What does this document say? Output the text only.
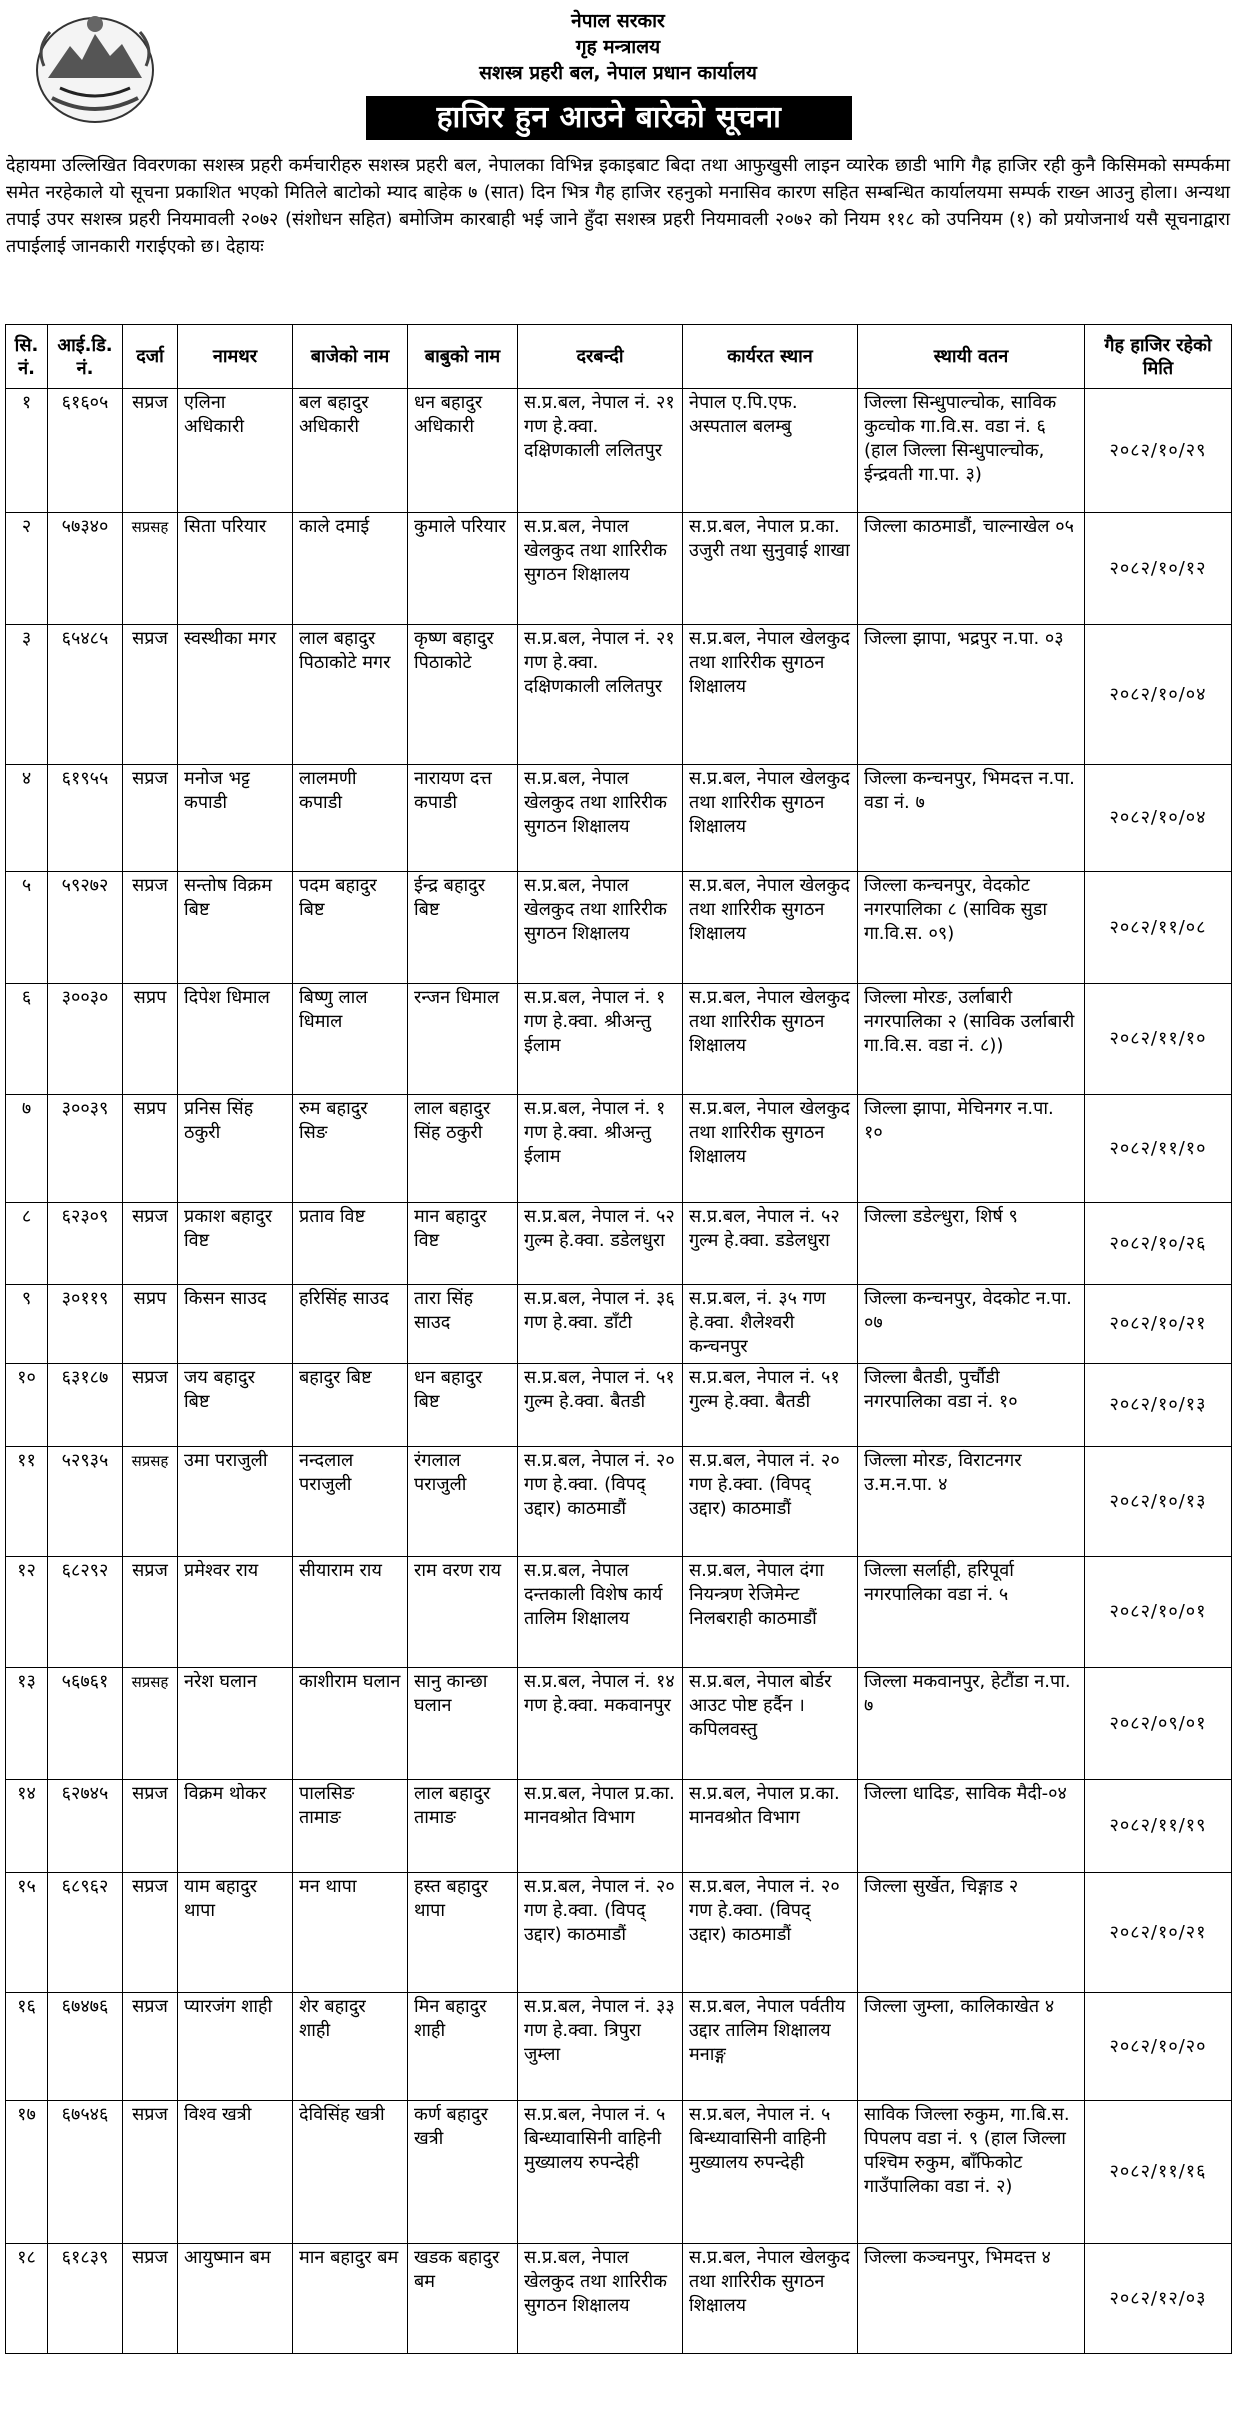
नेपाल सरकार
गृह मन्त्रालय
सशस्त्र प्रहरी बल, नेपाल प्रधान कार्यालय
हाजिर हुन आउने बारेको सूचना
देहायमा उल्लिखित विवरणका सशस्त्र प्रहरी कर्मचारीहरु सशस्त्र प्रहरी बल, नेपालका विभिन्न इकाइबाट बिदा तथा आफुखुसी लाइन व्यारेक छाडी भागि गैह्र हाजिर रही कुनै किसिमको सम्पर्कमा समेत नरहेकाले यो सूचना प्रकाशित भएको मितिले बाटोको म्याद बाहेक ७ (सात) दिन भित्र गैह हाजिर रहनुको मनासिव कारण सहित सम्बन्धित कार्यालयमा सम्पर्क राख्न आउनु होला। अन्यथा तपाई उपर सशस्त्र प्रहरी नियमावली २०७२ (संशोधन सहित) बमोजिम कारबाही भई जाने हुँदा सशस्त्र प्रहरी नियमावली २०७२ को नियम ११८ को उपनियम (१) को प्रयोजनार्थ यसै सूचनाद्वारा तपाईलाई जानकारी गराईएको छ। देहायः
सि. नं.	आई.डि. नं.	दर्जा	नामथर	बाजेको नाम	बाबुको नाम	दरबन्दी	कार्यरत स्थान	स्थायी वतन	गैह हाजिर रहेको मिति
१	६१६०५	सप्रज	एलिना अधिकारी	बल बहादुर अधिकारी	धन बहादुर अधिकारी	स.प्र.बल, नेपाल नं. २१ गण हे.क्वा. दक्षिणकाली ललितपुर	नेपाल ए.पि.एफ. अस्पताल बलम्बु	जिल्ला सिन्धुपाल्चोक, साविक कुव्चोक गा.वि.स. वडा नं. ६ (हाल जिल्ला सिन्धुपाल्चोक, ईन्द्रवती गा.पा. ३)	२०८२/१०/२९
२	५७३४०	सप्रसह	सिता परियार	काले दमाई	कुमाले परियार	स.प्र.बल, नेपाल खेलकुद तथा शारिरीक सुगठन शिक्षालय	स.प्र.बल, नेपाल प्र.का. उजुरी तथा सुनुवाई शाखा	जिल्ला काठमाडौं, चाल्नाखेल ०५	२०८२/१०/१२
३	६५४८५	सप्रज	स्वस्थीका मगर	लाल बहादुर पिठाकोटे मगर	कृष्ण बहादुर पिठाकोटे	स.प्र.बल, नेपाल नं. २१ गण हे.क्वा. दक्षिणकाली ललितपुर	स.प्र.बल, नेपाल खेलकुद तथा शारिरीक सुगठन शिक्षालय	जिल्ला झापा, भद्रपुर न.पा. ०३	२०८२/१०/०४
४	६१९५५	सप्रज	मनोज भट्ट कपाडी	लालमणी कपाडी	नारायण दत्त कपाडी	स.प्र.बल, नेपाल खेलकुद तथा शारिरीक सुगठन शिक्षालय	स.प्र.बल, नेपाल खेलकुद तथा शारिरीक सुगठन शिक्षालय	जिल्ला कन्चनपुर, भिमदत्त न.पा. वडा नं. ७	२०८२/१०/०४
५	५९२७२	सप्रज	सन्तोष विक्रम बिष्ट	पदम बहादुर बिष्ट	ईन्द्र बहादुर बिष्ट	स.प्र.बल, नेपाल खेलकुद तथा शारिरीक सुगठन शिक्षालय	स.प्र.बल, नेपाल खेलकुद तथा शारिरीक सुगठन शिक्षालय	जिल्ला कन्चनपुर, वेदकोट नगरपालिका ८ (साविक सुडा गा.वि.स. ०९)	२०८२/११/०८
६	३००३०	सप्रप	दिपेश धिमाल	बिष्णु लाल धिमाल	रन्जन धिमाल	स.प्र.बल, नेपाल नं. १ गण हे.क्वा. श्रीअन्तु ईलाम	स.प्र.बल, नेपाल खेलकुद तथा शारिरीक सुगठन शिक्षालय	जिल्ला मोरङ, उर्लाबारी नगरपालिका २ (साविक उर्लाबारी गा.वि.स. वडा नं. ८))	२०८२/११/१०
७	३००३९	सप्रप	प्रनिस सिंह ठकुरी	रुम बहादुर सिङ	लाल बहादुर सिंह ठकुरी	स.प्र.बल, नेपाल नं. १ गण हे.क्वा. श्रीअन्तु ईलाम	स.प्र.बल, नेपाल खेलकुद तथा शारिरीक सुगठन शिक्षालय	जिल्ला झापा, मेचिनगर न.पा. १०	२०८२/११/१०
८	६२३०९	सप्रज	प्रकाश बहादुर विष्ट	प्रताव विष्ट	मान बहादुर विष्ट	स.प्र.बल, नेपाल नं. ५२ गुल्म हे.क्वा. डडेलधुरा	स.प्र.बल, नेपाल नं. ५२ गुल्म हे.क्वा. डडेलधुरा	जिल्ला डडेल्धुरा, शिर्ष ९	२०८२/१०/२६
९	३०११९	सप्रप	किसन साउद	हरिसिंह साउद	तारा सिंह साउद	स.प्र.बल, नेपाल नं. ३६ गण हे.क्वा. डाँटी	स.प्र.बल, नं. ३५ गण हे.क्वा. शैलेश्वरी कन्चनपुर	जिल्ला कन्चनपुर, वेदकोट न.पा. ०७	२०८२/१०/२१
१०	६३१८७	सप्रज	जय बहादुर बिष्ट	बहादुर बिष्ट	धन बहादुर बिष्ट	स.प्र.बल, नेपाल नं. ५१ गुल्म हे.क्वा. बैतडी	स.प्र.बल, नेपाल नं. ५१ गुल्म हे.क्वा. बैतडी	जिल्ला बैतडी, पुर्चौडी नगरपालिका वडा नं. १०	२०८२/१०/१३
११	५२९३५	सप्रसह	उमा पराजुली	नन्दलाल पराजुली	रंगलाल पराजुली	स.प्र.बल, नेपाल नं. २० गण हे.क्वा. (विपद् उद्दार) काठमाडौं	स.प्र.बल, नेपाल नं. २० गण हे.क्वा. (विपद् उद्दार) काठमाडौं	जिल्ला मोरङ, विराटनगर उ.म.न.पा. ४	२०८२/१०/१३
१२	६८२९२	सप्रज	प्रमेश्वर राय	सीयाराम राय	राम वरण राय	स.प्र.बल, नेपाल दन्तकाली विशेष कार्य तालिम शिक्षालय	स.प्र.बल, नेपाल दंगा नियन्त्रण रेजिमेन्ट निलबराही काठमाडौं	जिल्ला सर्लाही, हरिपूर्वा नगरपालिका वडा नं. ५	२०८२/१०/०१
१३	५६७६१	सप्रसह	नरेश घलान	काशीराम घलान	सानु कान्छा घलान	स.प्र.बल, नेपाल नं. १४ गण हे.क्वा. मकवानपुर	स.प्र.बल, नेपाल बोर्डर आउट पोष्ट हर्दैन । कपिलवस्तु	जिल्ला मकवानपुर, हेटौंडा न.पा. ७	२०८२/०९/०१
१४	६२७४५	सप्रज	विक्रम थोकर	पालसिङ तामाङ	लाल बहादुर तामाङ	स.प्र.बल, नेपाल प्र.का. मानवश्रोत विभाग	स.प्र.बल, नेपाल प्र.का. मानवश्रोत विभाग	जिल्ला धादिङ, साविक मैदी-०४	२०८२/११/१९
१५	६८९६२	सप्रज	याम बहादुर थापा	मन थापा	हस्त बहादुर थापा	स.प्र.बल, नेपाल नं. २० गण हे.क्वा. (विपद् उद्दार) काठमाडौं	स.प्र.बल, नेपाल नं. २० गण हे.क्वा. (विपद् उद्दार) काठमाडौं	जिल्ला सुर्खेत, चिङ्गाड २	२०८२/१०/२१
१६	६७४७६	सप्रज	प्यारजंग शाही	शेर बहादुर शाही	मिन बहादुर शाही	स.प्र.बल, नेपाल नं. ३३ गण हे.क्वा. त्रिपुरा जुम्ला	स.प्र.बल, नेपाल पर्वतीय उद्दार तालिम शिक्षालय मनाङ्ग	जिल्ला जुम्ला, कालिकाखेत ४	२०८२/१०/२०
१७	६७५४६	सप्रज	विश्व खत्री	देविसिंह खत्री	कर्ण बहादुर खत्री	स.प्र.बल, नेपाल नं. ५ बिन्ध्यावासिनी वाहिनी मुख्यालय रुपन्देही	स.प्र.बल, नेपाल नं. ५ बिन्ध्यावासिनी वाहिनी मुख्यालय रुपन्देही	साविक जिल्ला रुकुम, गा.बि.स. पिपलप वडा नं. ९ (हाल जिल्ला पश्चिम रुकुम, बाँफिकोट गाउँपालिका वडा नं. २)	२०८२/११/१६
१८	६१८३९	सप्रज	आयुष्मान बम	मान बहादुर बम	खडक बहादुर बम	स.प्र.बल, नेपाल खेलकुद तथा शारिरीक सुगठन शिक्षालय	स.प्र.बल, नेपाल खेलकुद तथा शारिरीक सुगठन शिक्षालय	जिल्ला कञ्चनपुर, भिमदत्त ४	२०८२/१२/०३
